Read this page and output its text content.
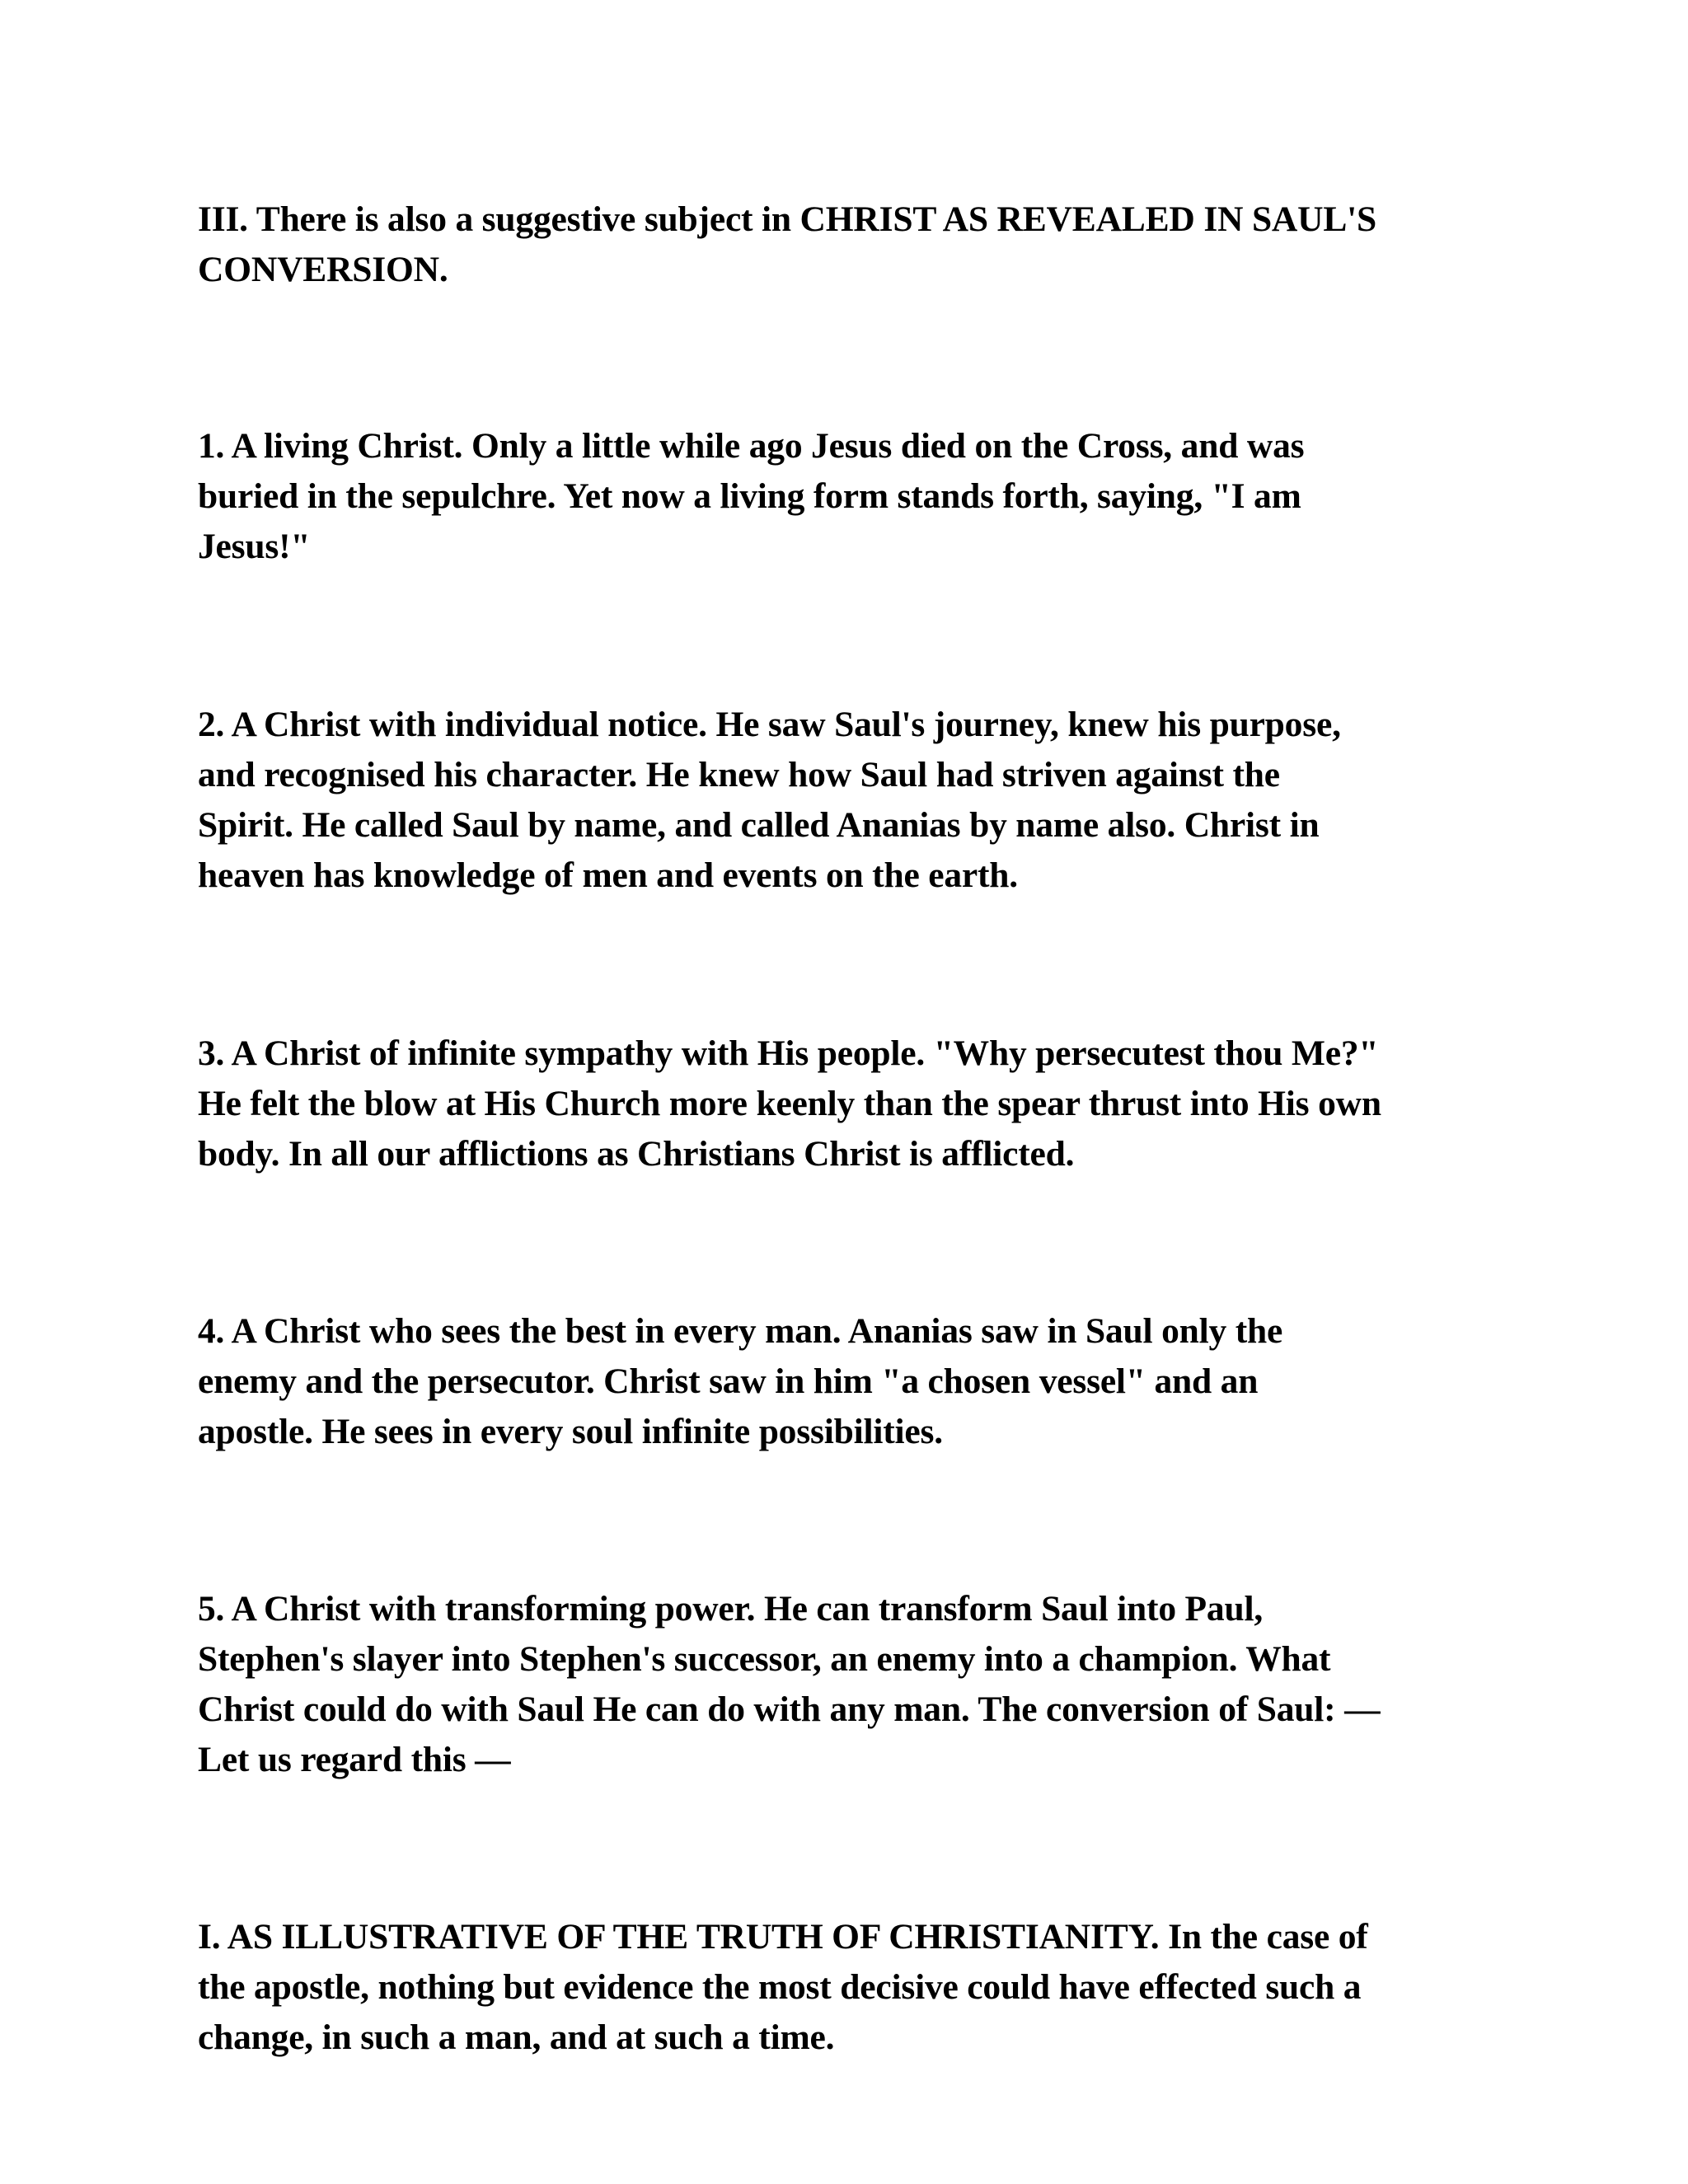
III. There is also a suggestive subject in CHRIST AS REVEALED IN SAUL'S
CONVERSION.

1. A living Christ. Only a little while ago Jesus died on the Cross, and was
buried in the sepulchre. Yet now a living form stands forth, saying, "I am
Jesus!"

2. A Christ with individual notice. He saw Saul's journey, knew his purpose,
and recognised his character. He knew how Saul had striven against the
Spirit. He called Saul by name, and called Ananias by name also. Christ in
heaven has knowledge of men and events on the earth.

3. A Christ of infinite sympathy with His people. "Why persecutest thou Me?"
He felt the blow at His Church more keenly than the spear thrust into His own
body. In all our afflictions as Christians Christ is afflicted.

4. A Christ who sees the best in every man. Ananias saw in Saul only the
enemy and the persecutor. Christ saw in him "a chosen vessel" and an
apostle. He sees in every soul infinite possibilities.

5. A Christ with transforming power. He can transform Saul into Paul,
Stephen's slayer into Stephen's successor, an enemy into a champion. What
Christ could do with Saul He can do with any man. The conversion of Saul: —
Let us regard this —

I. AS ILLUSTRATIVE OF THE TRUTH OF CHRISTIANITY. In the case of
the apostle, nothing but evidence the most decisive could have effected such a
change, in such a man, and at such a time.
